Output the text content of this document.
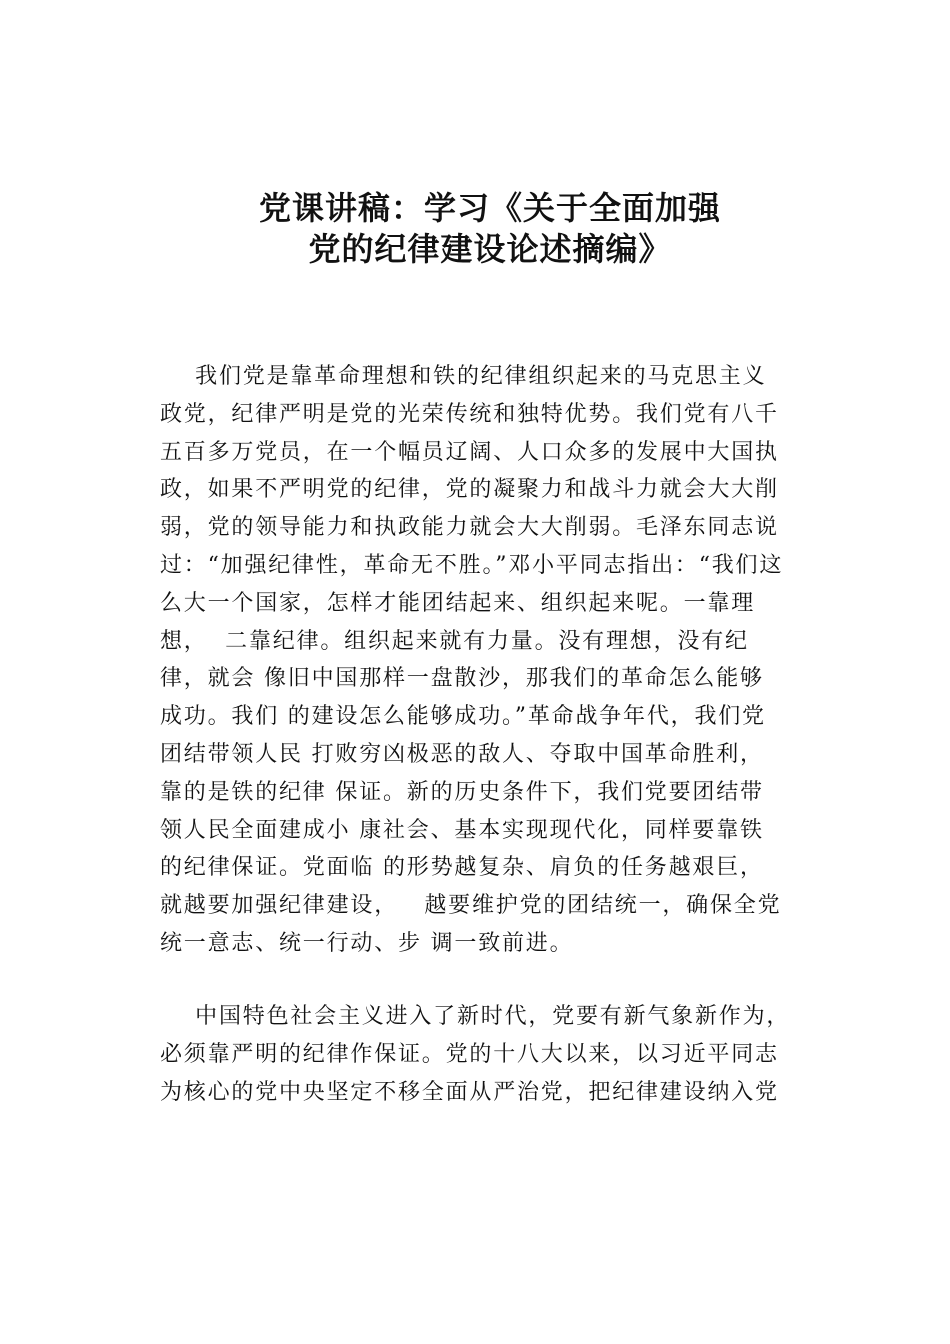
党课讲稿：学习《关于全面加强
党的纪律建设论述摘编》
我们党是靠革命理想和铁的纪律组织起来的马克思主义
政党，纪律严明是党的光荣传统和独特优势。我们党有八千
五百多万党员，在一个幅员辽阔、人口众多的发展中大国执
政，如果不严明党的纪律，党的凝聚力和战斗力就会大大削
弱，党的领导能力和执政能力就会大大削弱。毛泽东同志说
过：“加强纪律性，革命无不胜。”邓小平同志指出：“我们这
么大一个国家，怎样才能团结起来、组织起来呢。一靠理
想，  二靠纪律。组织起来就有力量。没有理想，没有纪
律，就会 像旧中国那样一盘散沙，那我们的革命怎么能够
成功。我们 的建设怎么能够成功。”革命战争年代，我们党
团结带领人民 打败穷凶极恶的敌人、夺取中国革命胜利，
靠的是铁的纪律 保证。新的历史条件下，我们党要团结带
领人民全面建成小 康社会、基本实现现代化，同样要靠铁
的纪律保证。党面临 的形势越复杂、肩负的任务越艰巨，
就越要加强纪律建设，   越要维护党的团结统一，确保全党
统一意志、统一行动、步 调一致前进。
中国特色社会主义进入了新时代，党要有新气象新作为，
必须靠严明的纪律作保证。党的十八大以来，以习近平同志
为核心的党中央坚定不移全面从严治党，把纪律建设纳入党
